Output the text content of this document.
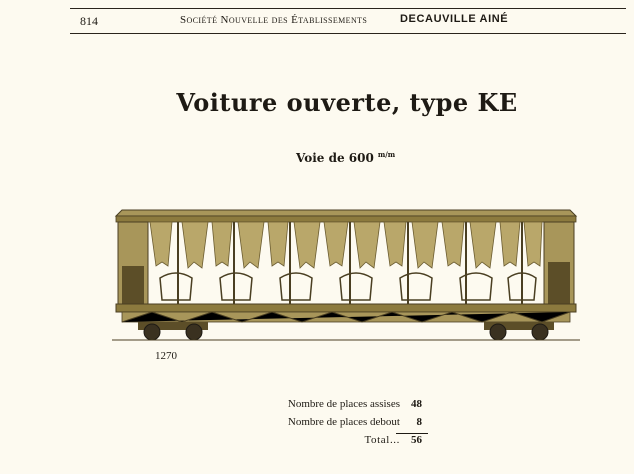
814	Société Nouvelle des Établissements	DECAUVILLE AINÉ
Voiture ouverte, type KE
Voie de 600 $^{m/m}$
1270
Nombre de places assises	48
Nombre de places debout	8
Total...	56
